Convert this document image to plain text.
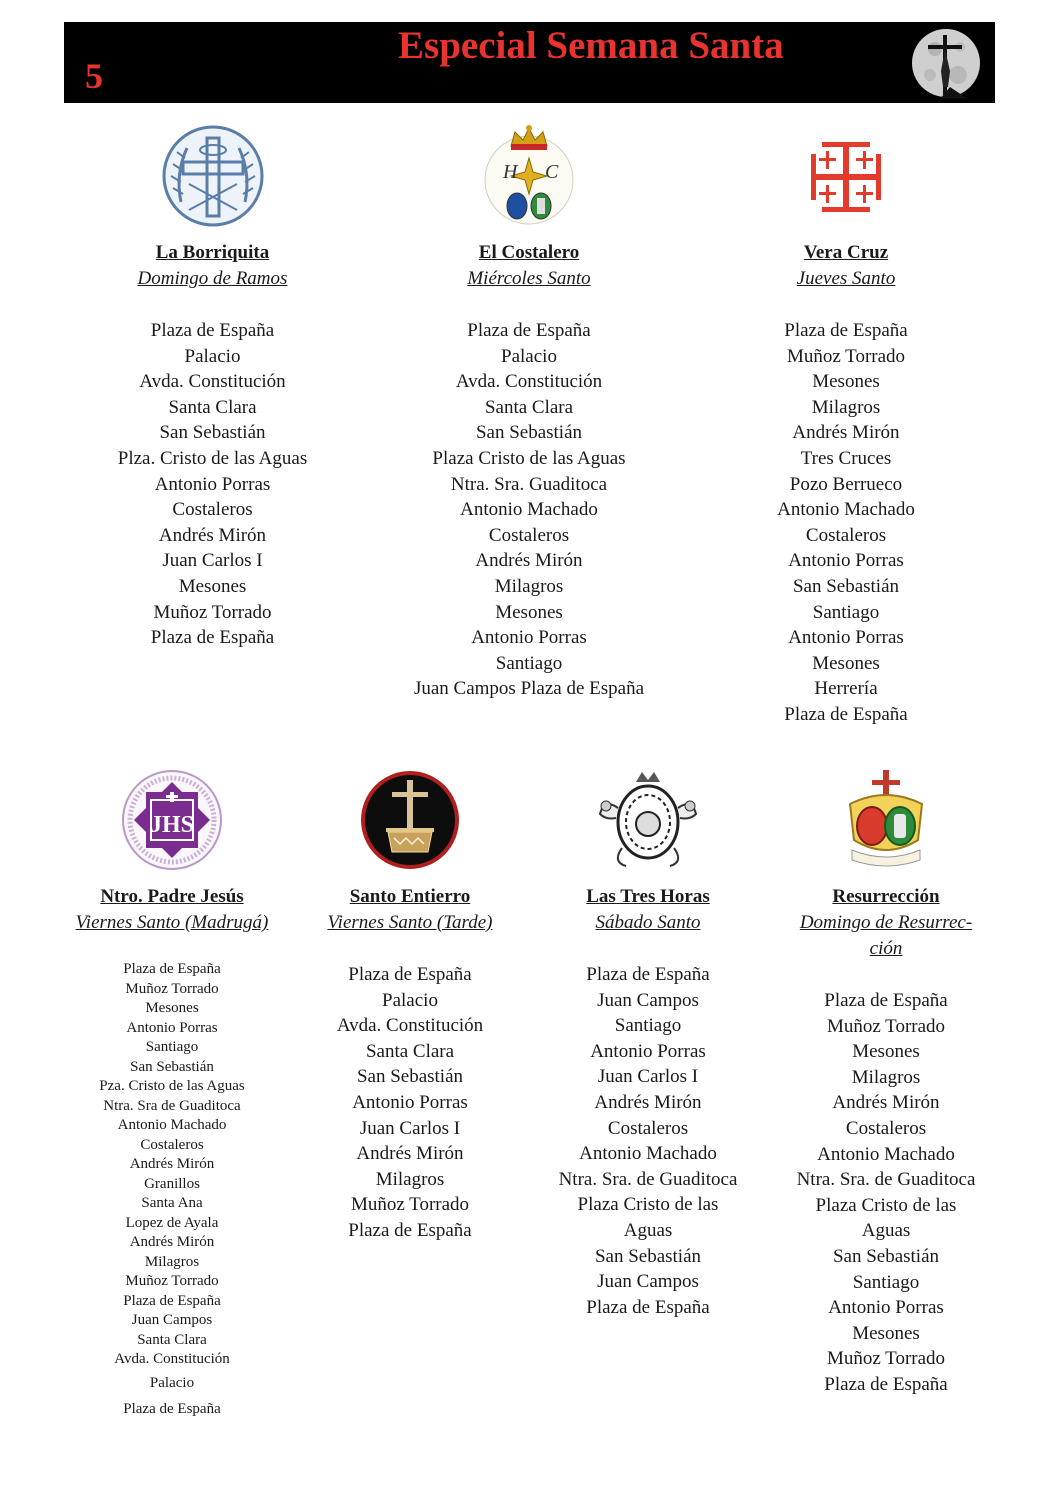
5
Especial Semana Santa
La Borriquita
Domingo de Ramos
Plaza de España
Palacio
Avda. Constitución
Santa Clara
San Sebastián
Plza. Cristo de las Aguas
Antonio Porras
Costaleros
Andrés Mirón
Juan Carlos I
Mesones
Muñoz Torrado
Plaza de España
H C
El Costalero
Miércoles Santo
Plaza de España
Palacio
Avda. Constitución
Santa Clara
San Sebastián
Plaza Cristo de las Aguas
Ntra. Sra. Guaditoca
Antonio Machado
Costaleros
Andrés Mirón
Milagros
Mesones
Antonio Porras
Santiago
Juan Campos Plaza de España
Vera Cruz
Jueves Santo
Plaza de España
Muñoz Torrado
Mesones
Milagros
Andrés Mirón
Tres Cruces
Pozo Berrueco
Antonio Machado
Costaleros
Antonio Porras
San Sebastián
Santiago
Antonio Porras
Mesones
Herrería
Plaza de España
JHS
Ntro. Padre Jesús
Viernes Santo (Madrugá)
Plaza de España
Muñoz Torrado
Mesones
Antonio Porras
Santiago
San Sebastián
Pza. Cristo de las Aguas
Ntra. Sra de Guaditoca
Antonio Machado
Costaleros
Andrés Mirón
Granillos
Santa Ana
Lopez de Ayala
Andrés Mirón
Milagros
Muñoz Torrado
Plaza de España
Juan Campos
Santa Clara
Avda. Constitución
Palacio
Plaza de España
Santo Entierro
Viernes Santo (Tarde)
Plaza de España
Palacio
Avda. Constitución
Santa Clara
San Sebastián
Antonio Porras
Juan Carlos I
Andrés Mirón
Milagros
Muñoz Torrado
Plaza de España
Las Tres Horas
Sábado Santo
Plaza de España
Juan Campos
Santiago
Antonio Porras
Juan Carlos I
Andrés Mirón
Costaleros
Antonio Machado
Ntra. Sra. de Guaditoca
Plaza Cristo de las
Aguas
San Sebastián
Juan Campos
Plaza de España
Resurrección
Domingo de Resurrec-
ción
Plaza de España
Muñoz Torrado
Mesones
Milagros
Andrés Mirón
Costaleros
Antonio Machado
Ntra. Sra. de Guaditoca
Plaza Cristo de las
Aguas
San Sebastián
Santiago
Antonio Porras
Mesones
Muñoz Torrado
Plaza de España
